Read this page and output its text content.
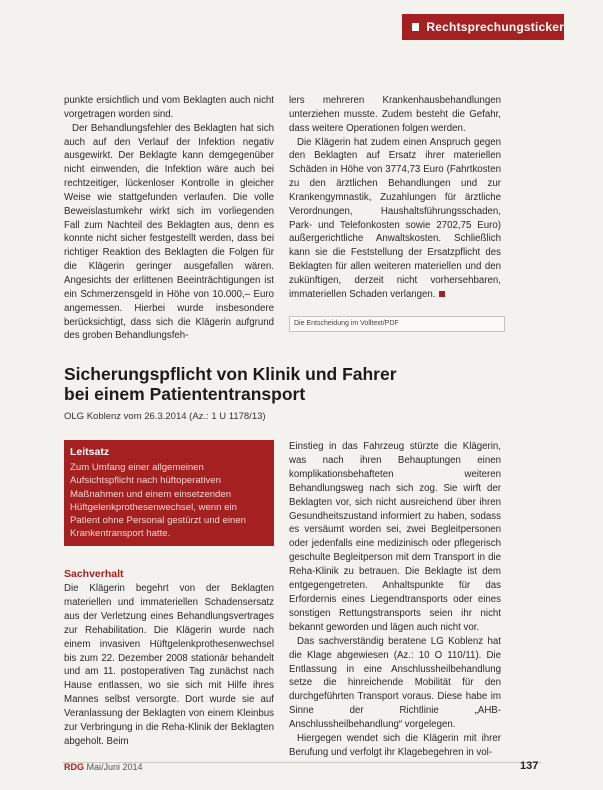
Rechtsprechungsticker

punkte ersichtlich und vom Beklagten auch nicht vorgetragen worden sind.

Der Behandlungsfehler des Beklagten hat sich auch auf den Verlauf der Infektion negativ ausgewirkt. Der Beklagte kann demgegenüber nicht einwenden, die Infektion wäre auch bei rechtzeitiger, lückenloser Kontrolle in gleicher Weise wie stattgefunden verlaufen. Die volle Beweislastumkehr wirkt sich im vorliegenden Fall zum Nachteil des Beklagten aus, denn es konnte nicht sicher festgestellt werden, dass bei richtiger Reaktion des Beklagten die Folgen für die Klägerin geringer ausgefallen wären. Angesichts der erlittenen Beeinträchtigungen ist ein Schmerzensgeld in Höhe von 10.000,– Euro angemessen. Hierbei wurde insbesondere berücksichtigt, dass sich die Klägerin aufgrund des groben Behandlungsfeh-

lers mehreren Krankenhausbehandlungen unterziehen musste. Zudem besteht die Gefahr, dass weitere Operationen folgen werden.

Die Klägerin hat zudem einen Anspruch gegen den Beklagten auf Ersatz ihrer materiellen Schäden in Höhe von 3774,73 Euro (Fahrtkosten zu den ärztlichen Behandlungen und zur Krankengymnastik, Zuzahlungen für ärztliche Verordnungen, Haushaltsführungsschaden, Park- und Telefonkosten sowie 2702,75 Euro) außergerichtliche Anwaltskosten. Schließlich kann sie die Feststellung der Ersatzpflicht des Beklagten für allen weiteren materiellen und den zukünftigen, derzeit nicht vorhersehbaren, immateriellen Schaden verlangen.

Die Entscheidung im Volltext/PDF
Sicherungspflicht von Klinik und Fahrer
bei einem Patiententransport
OLG Koblenz vom 26.3.2014 (Az.: 1 U 1178/13)
Leitsatz
Zum Umfang einer allgemeinen Aufsichtspflicht nach hüftoperativen Maßnahmen und einem einsetzenden Hüftgelenkprothesenwechsel, wenn ein Patient ohne Personal gestürzt und einen Krankentransport hatte.
Sachverhalt

Die Klägerin begehrt von der Beklagten materiellen und immateriellen Schadensersatz aus der Verletzung eines Behandlungsvertrages zur Rehabilitation. Die Klägerin wurde nach einem invasiven Hüftgelenkprothesenwechsel bis zum 22. Dezember 2008 stationär behandelt und am 11. postoperativen Tag zunächst nach Hause entlassen, wo sie sich mit Hilfe ihres Mannes selbst versorgte. Dort wurde sie auf Veranlassung der Beklagten von einem Kleinbus zur Verbringung in die Reha-Klinik der Beklagten abgeholt. Beim

Einstieg in das Fahrzeug stürzte die Klägerin, was nach ihren Behauptungen einen komplikationsbehafteten weiteren Behandlungsweg nach sich zog. Sie wirft der Beklagten vor, sich nicht ausreichend über ihren Gesundheitszustand informiert zu haben, sodass es versäumt worden sei, zwei Begleitpersonen oder jedenfalls eine medizinisch oder pflegerisch geschulte Begleitperson mit dem Transport in die Reha-Klinik zu betrauen. Die Beklagte ist dem entgegengetreten. Anhaltspunkte für das Erfordernis eines Liegendtransports oder eines sonstigen Rettungstransports seien ihr nicht bekannt geworden und lägen auch nicht vor.

Das sachverständig beratene LG Koblenz hat die Klage abgewiesen (Az.: 10 O 110/11). Die Entlassung in eine Anschlussheilbehandlung setze die hinreichende Mobilität für den durchgeführten Transport voraus. Diese habe im Sinne der Richtlinie „AHB-Anschlussheilbehandlung“ vorgelegen.

Hiergegen wendet sich die Klägerin mit ihrer Berufung und verfolgt ihr Klagebegehren in vol-

RDG Mai/Juni 2014	137
